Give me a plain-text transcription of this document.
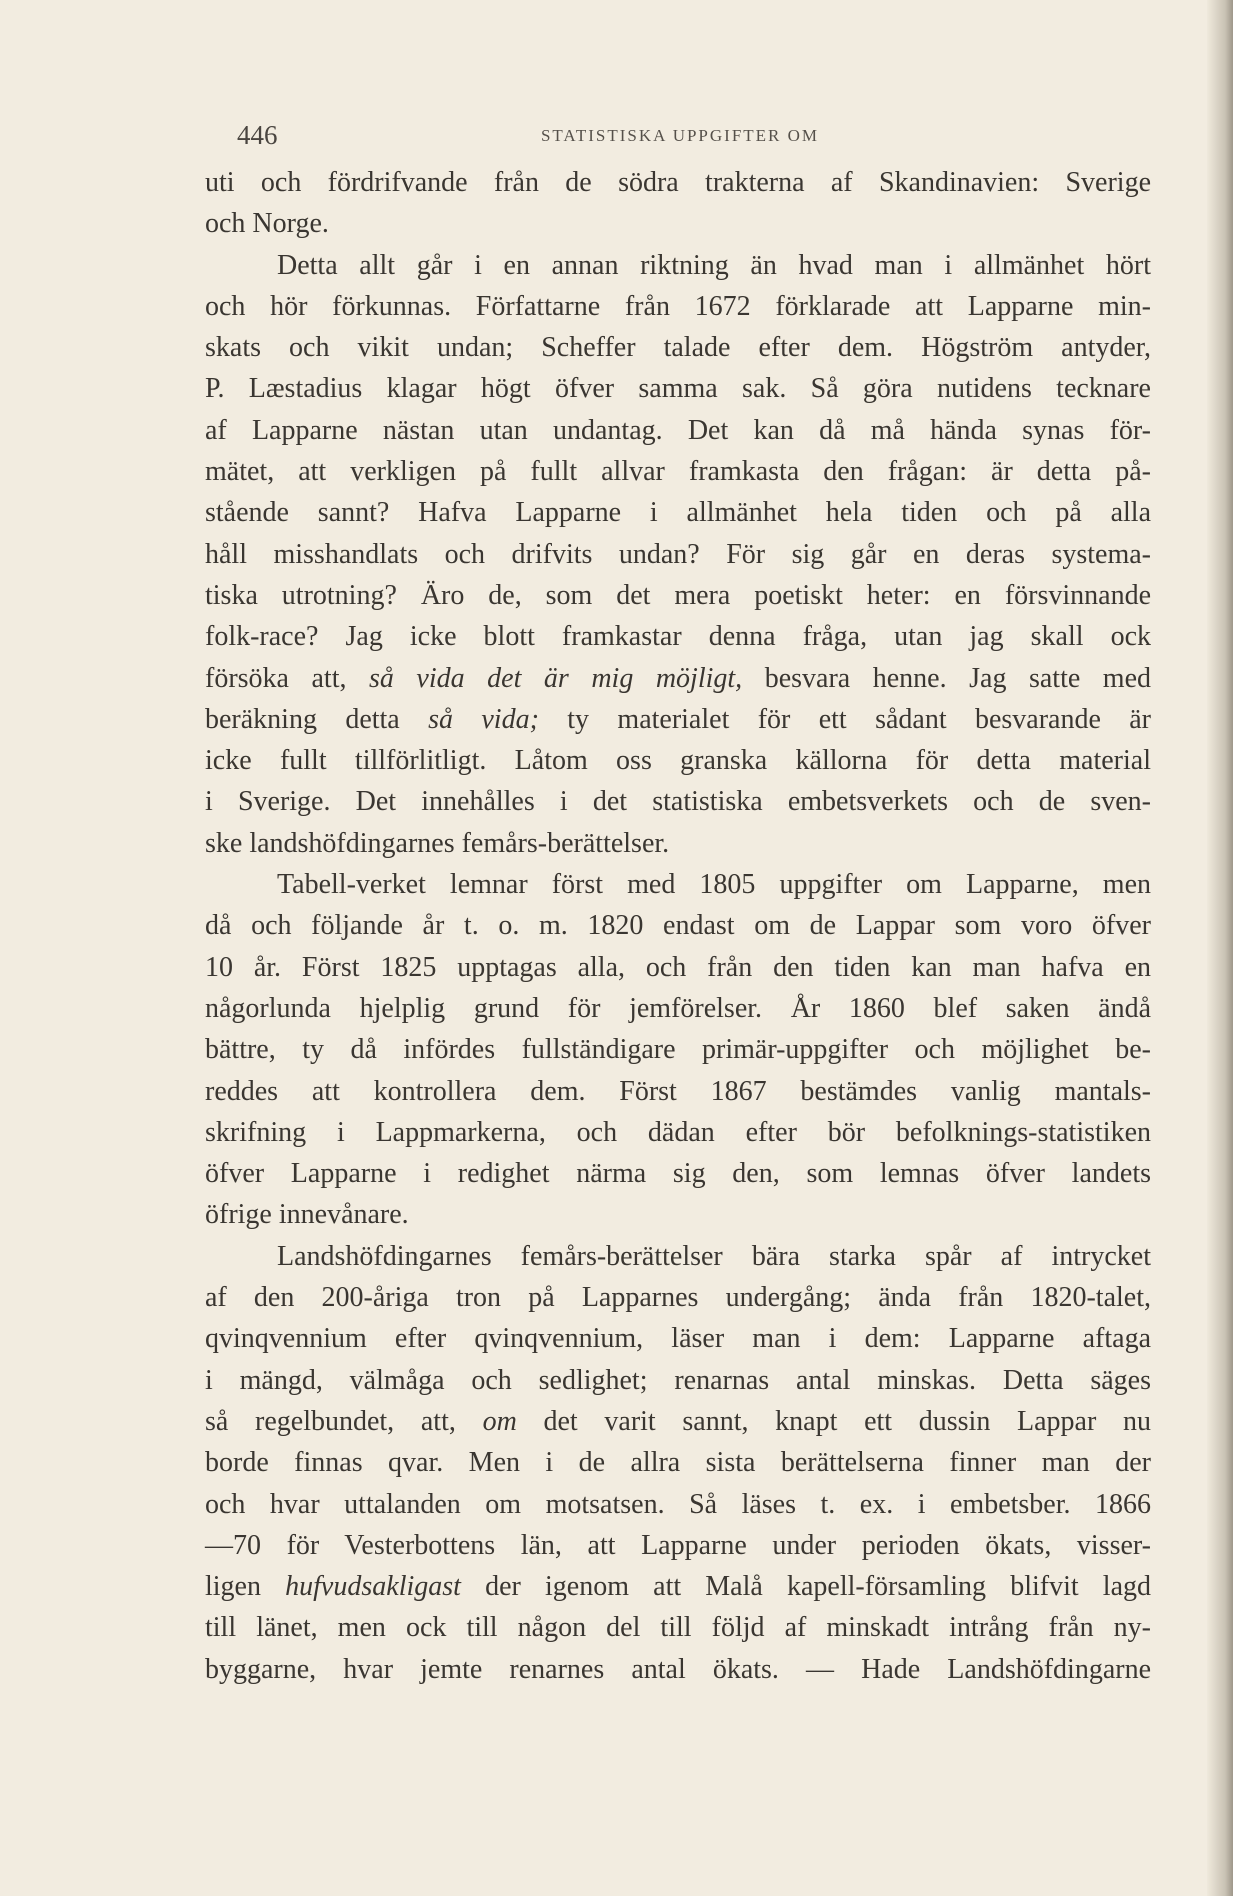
446	STATISTISKA UPPGIFTER OM
uti och fördrifvande från de södra trakterna af Skandinavien: Sverige
och Norge.
Detta allt går i en annan riktning än hvad man i allmänhet hört
och hör förkunnas. Författarne från 1672 förklarade att Lapparne min-
skats och vikit undan; Scheffer talade efter dem. Högström antyder,
P. Læstadius klagar högt öfver samma sak. Så göra nutidens tecknare
af Lapparne nästan utan undantag. Det kan då må hända synas för-
mätet, att verkligen på fullt allvar framkasta den frågan: är detta på-
stående sannt? Hafva Lapparne i allmänhet hela tiden och på alla
håll misshandlats och drifvits undan? För sig går en deras systema-
tiska utrotning? Äro de, som det mera poetiskt heter: en försvinnande
folk-race? Jag icke blott framkastar denna fråga, utan jag skall ock
försöka att, så vida det är mig möjligt, besvara henne. Jag satte med
beräkning detta så vida; ty materialet för ett sådant besvarande är
icke fullt tillförlitligt. Låtom oss granska källorna för detta material
i Sverige. Det innehålles i det statistiska embetsverkets och de sven-
ske landshöfdingarnes femårs-berättelser.
Tabell-verket lemnar först med 1805 uppgifter om Lapparne, men
då och följande år t. o. m. 1820 endast om de Lappar som voro öfver
10 år. Först 1825 upptagas alla, och från den tiden kan man hafva en
någorlunda hjelplig grund för jemförelser. År 1860 blef saken ändå
bättre, ty då infördes fullständigare primär-uppgifter och möjlighet be-
reddes att kontrollera dem. Först 1867 bestämdes vanlig mantals-
skrifning i Lappmarkerna, och dädan efter bör befolknings-statistiken
öfver Lapparne i redighet närma sig den, som lemnas öfver landets
öfrige innevånare.
Landshöfdingarnes femårs-berättelser bära starka spår af intrycket
af den 200-åriga tron på Lapparnes undergång; ända från 1820-talet,
qvinqvennium efter qvinqvennium, läser man i dem: Lapparne aftaga
i mängd, välmåga och sedlighet; renarnas antal minskas. Detta säges
så regelbundet, att, om det varit sannt, knapt ett dussin Lappar nu
borde finnas qvar. Men i de allra sista berättelserna finner man der
och hvar uttalanden om motsatsen. Så läses t. ex. i embetsber. 1866
—70 för Vesterbottens län, att Lapparne under perioden ökats, visser-
ligen hufvudsakligast der igenom att Malå kapell-församling blifvit lagd
till länet, men ock till någon del till följd af minskadt intrång från ny-
byggarne, hvar jemte renarnes antal ökats. — Hade Landshöfdingarne
